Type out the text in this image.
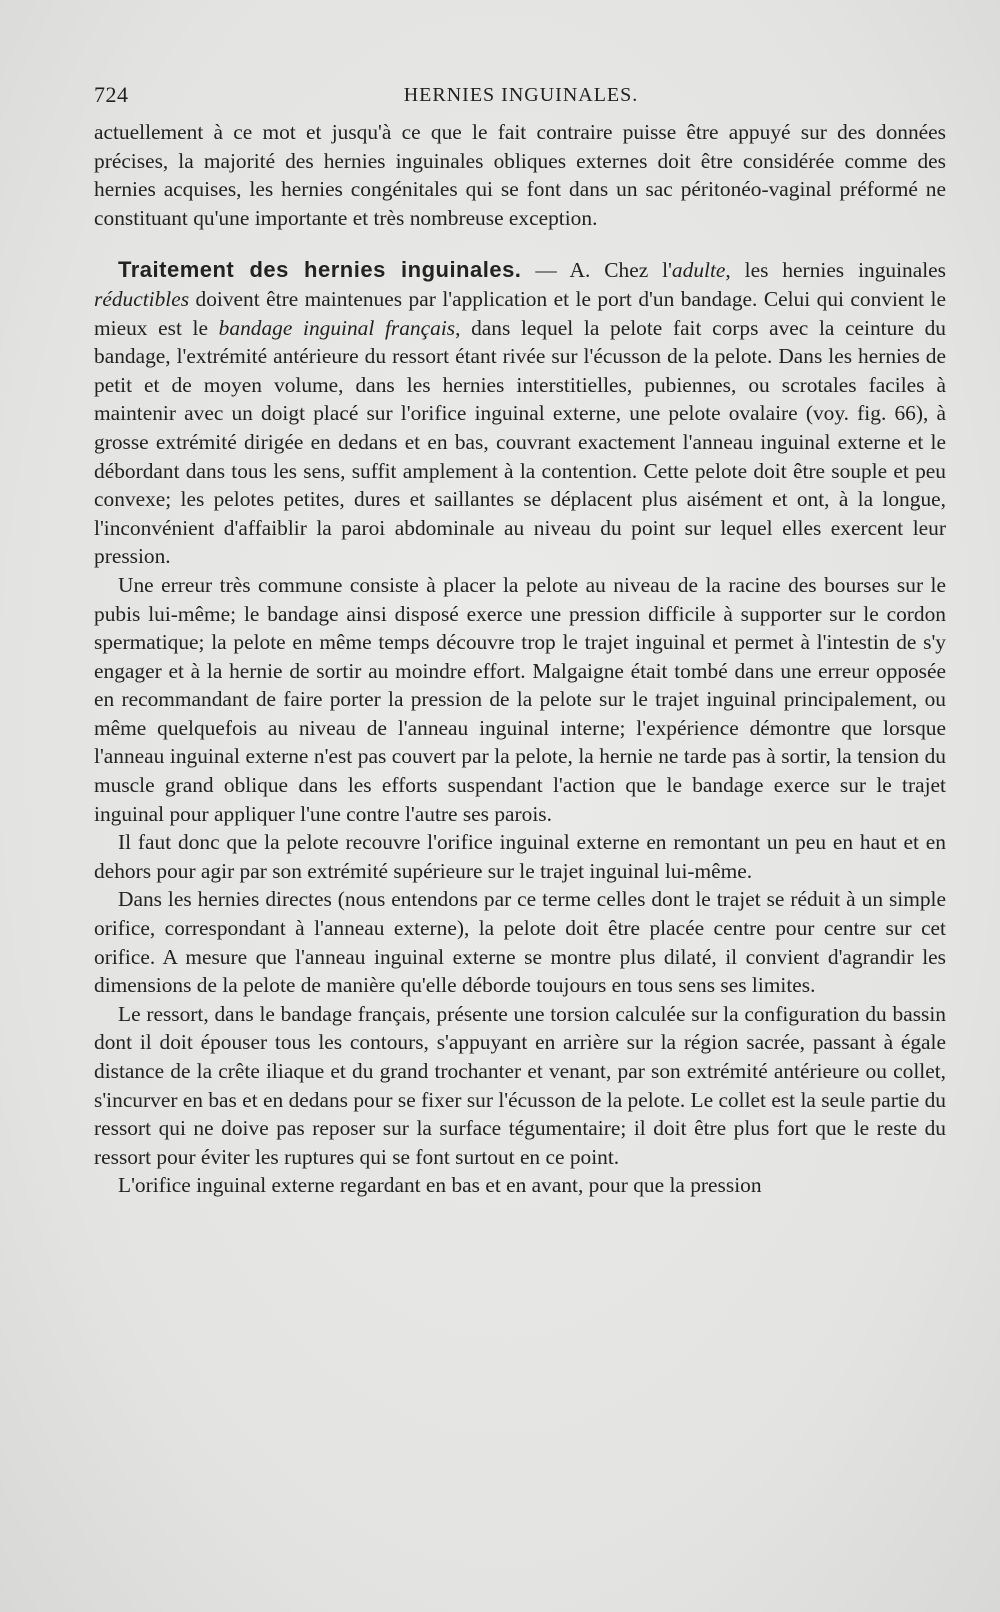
724	HERNIES INGUINALES.

actuellement à ce mot et jusqu'à ce que le fait contraire puisse être appuyé sur des données précises, la majorité des hernies inguinales obliques externes doit être considérée comme des hernies acquises, les hernies congénitales qui se font dans un sac péritonéo-vaginal préformé ne constituant qu'une importante et très nombreuse exception.

Traitement des hernies inguinales. — A. Chez l'adulte, les hernies inguinales réductibles doivent être maintenues par l'application et le port d'un bandage. Celui qui convient le mieux est le bandage inguinal français, dans lequel la pelote fait corps avec la ceinture du bandage, l'extrémité antérieure du ressort étant rivée sur l'écusson de la pelote. Dans les hernies de petit et de moyen volume, dans les hernies interstitielles, pubiennes, ou scrotales faciles à maintenir avec un doigt placé sur l'orifice inguinal externe, une pelote ovalaire (voy. fig. 66), à grosse extrémité dirigée en dedans et en bas, couvrant exactement l'anneau inguinal externe et le débordant dans tous les sens, suffit amplement à la contention. Cette pelote doit être souple et peu convexe; les pelotes petites, dures et saillantes se déplacent plus aisément et ont, à la longue, l'inconvénient d'affaiblir la paroi abdominale au niveau du point sur lequel elles exercent leur pression.

Une erreur très commune consiste à placer la pelote au niveau de la racine des bourses sur le pubis lui-même; le bandage ainsi disposé exerce une pression difficile à supporter sur le cordon spermatique; la pelote en même temps découvre trop le trajet inguinal et permet à l'intestin de s'y engager et à la hernie de sortir au moindre effort. Malgaigne était tombé dans une erreur opposée en recommandant de faire porter la pression de la pelote sur le trajet inguinal principalement, ou même quelquefois au niveau de l'anneau inguinal interne; l'expérience démontre que lorsque l'anneau inguinal externe n'est pas couvert par la pelote, la hernie ne tarde pas à sortir, la tension du muscle grand oblique dans les efforts suspendant l'action que le bandage exerce sur le trajet inguinal pour appliquer l'une contre l'autre ses parois.

Il faut donc que la pelote recouvre l'orifice inguinal externe en remontant un peu en haut et en dehors pour agir par son extrémité supérieure sur le trajet inguinal lui-même.

Dans les hernies directes (nous entendons par ce terme celles dont le trajet se réduit à un simple orifice, correspondant à l'anneau externe), la pelote doit être placée centre pour centre sur cet orifice. A mesure que l'anneau inguinal externe se montre plus dilaté, il convient d'agrandir les dimensions de la pelote de manière qu'elle déborde toujours en tous sens ses limites.

Le ressort, dans le bandage français, présente une torsion calculée sur la configuration du bassin dont il doit épouser tous les contours, s'appuyant en arrière sur la région sacrée, passant à égale distance de la crête iliaque et du grand trochanter et venant, par son extrémité antérieure ou collet, s'incurver en bas et en dedans pour se fixer sur l'écusson de la pelote. Le collet est la seule partie du ressort qui ne doive pas reposer sur la surface tégumentaire; il doit être plus fort que le reste du ressort pour éviter les ruptures qui se font surtout en ce point.

L'orifice inguinal externe regardant en bas et en avant, pour que la pression
